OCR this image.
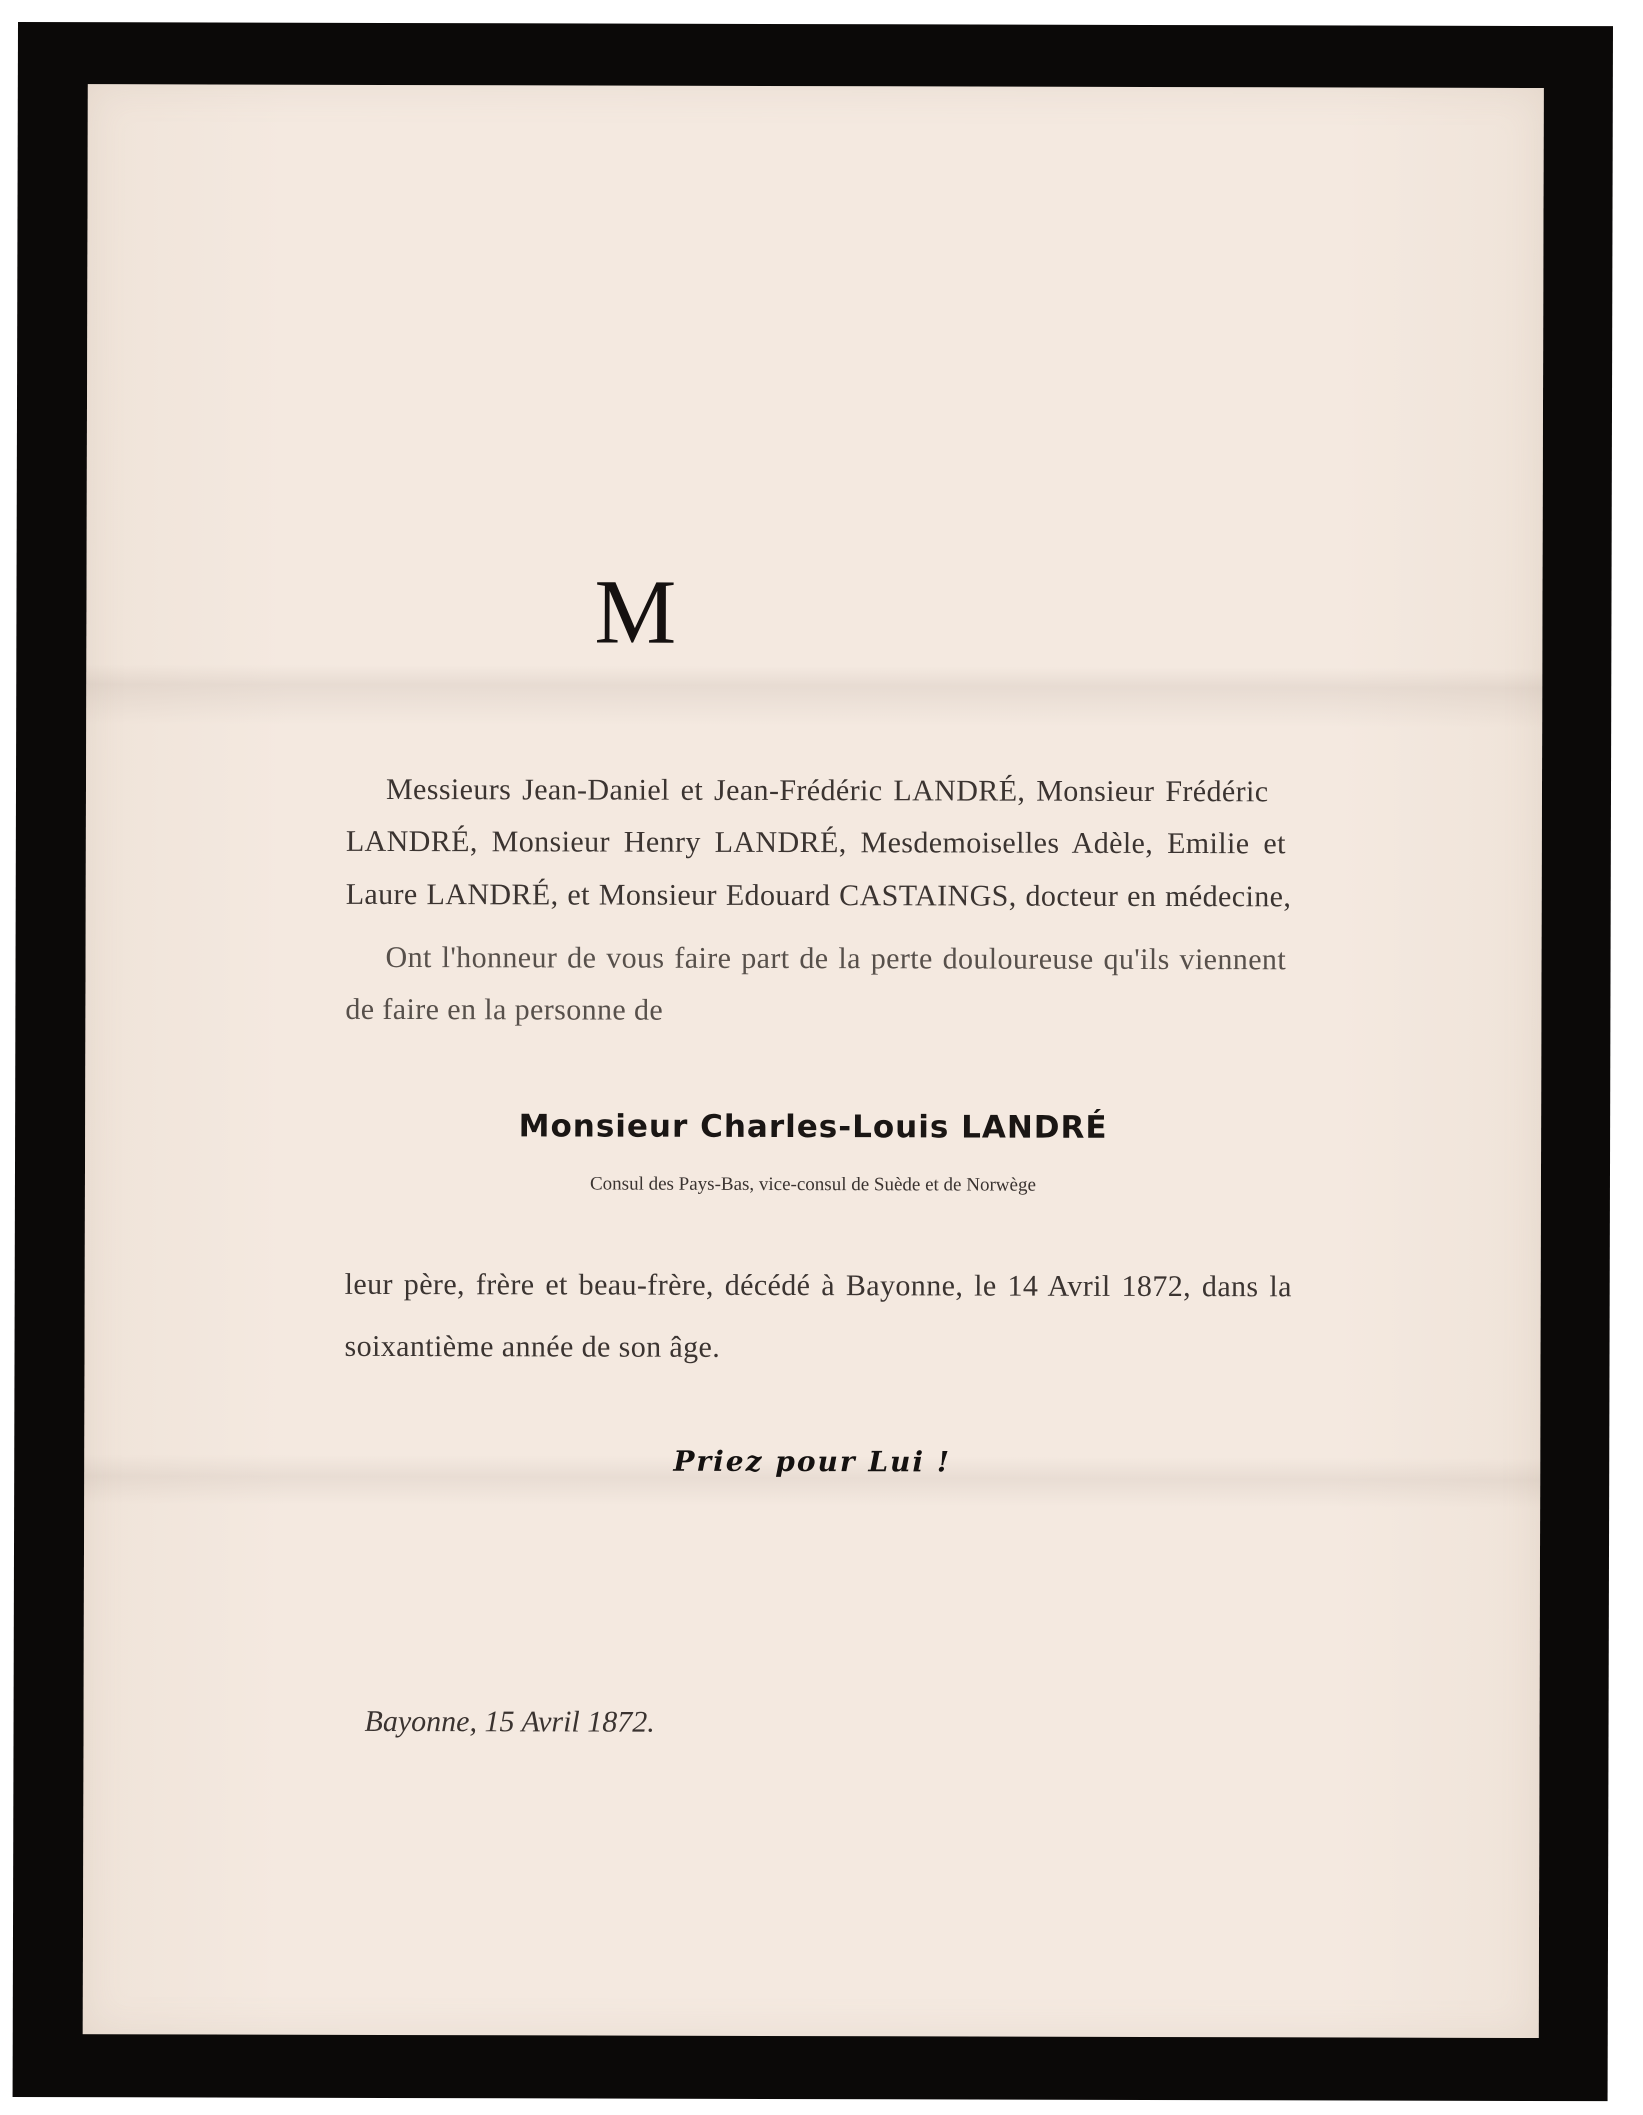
M
Messieurs Jean-Daniel et Jean-Frédéric LANDRÉ, Monsieur Frédéric
LANDRÉ, Monsieur Henry LANDRÉ, Mesdemoiselles Adèle, Emilie et
Laure LANDRÉ, et Monsieur Edouard CASTAINGS, docteur en médecine,
Ont l'honneur de vous faire part de la perte douloureuse qu'ils viennent
de faire en la personne de
Monsieur Charles-Louis LANDRÉ
Consul des Pays-Bas, vice-consul de Suède et de Norwège
leur père, frère et beau-frère, décédé à Bayonne, le 14 Avril 1872, dans la
soixantième année de son âge.
Priez pour Lui !
Bayonne, 15 Avril 1872.
